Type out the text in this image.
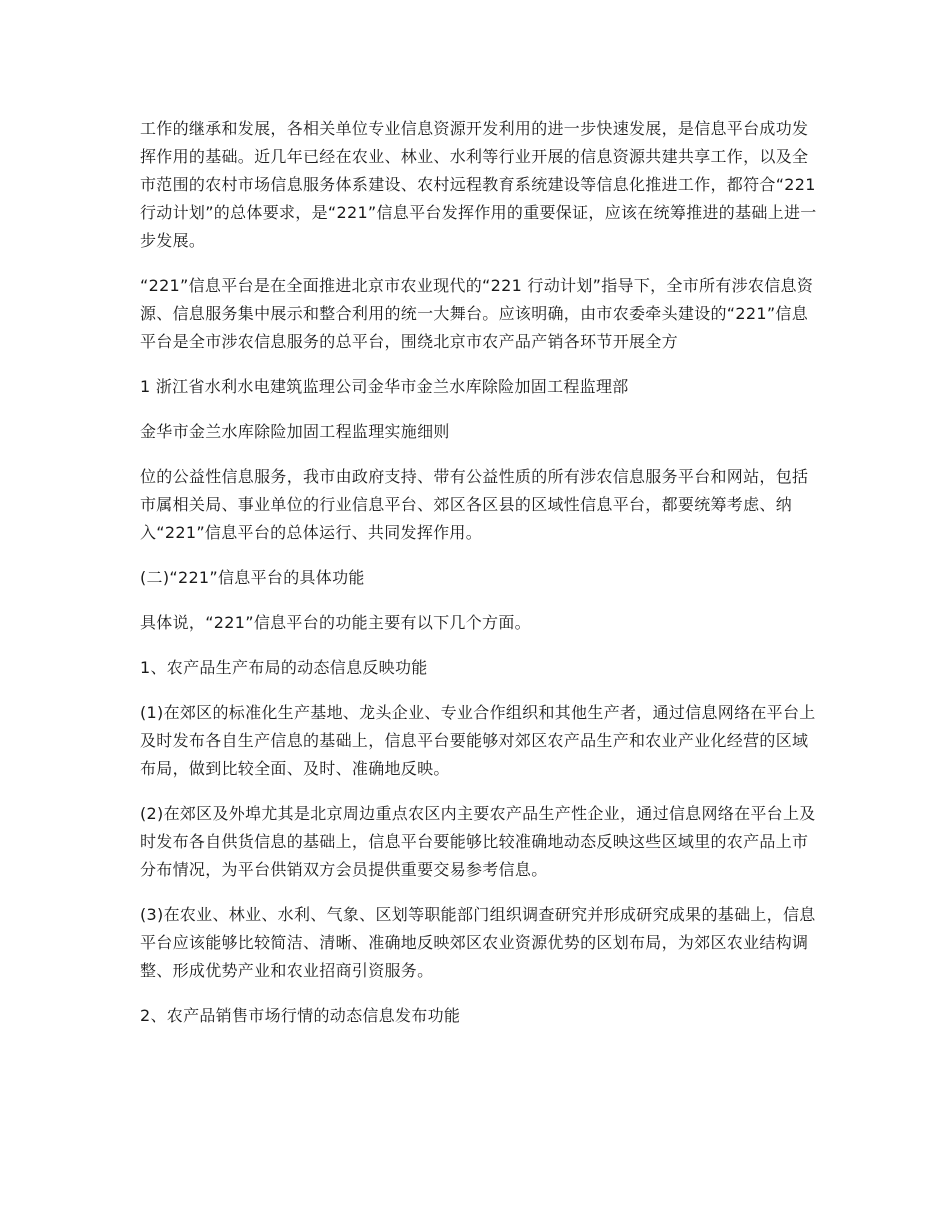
工作的继承和发展，各相关单位专业信息资源开发利用的进一步快速发展，是信息平台成功发挥作用的基础。近几年已经在农业、林业、水利等行业开展的信息资源共建共享工作，以及全市范围的农村市场信息服务体系建设、农村远程教育系统建设等信息化推进工作，都符合“221 行动计划”的总体要求，是“221”信息平台发挥作用的重要保证，应该在统筹推进的基础上进一步发展。

“221”信息平台是在全面推进北京市农业现代的“221 行动计划”指导下，全市所有涉农信息资源、信息服务集中展示和整合利用的统一大舞台。应该明确，由市农委牵头建设的“221”信息平台是全市涉农信息服务的总平台，围绕北京市农产品产销各环节开展全方

1 浙江省水利水电建筑监理公司金华市金兰水库除险加固工程监理部

金华市金兰水库除险加固工程监理实施细则

位的公益性信息服务，我市由政府支持、带有公益性质的所有涉农信息服务平台和网站，包括市属相关局、事业单位的行业信息平台、郊区各区县的区域性信息平台，都要统筹考虑、纳入“221”信息平台的总体运行、共同发挥作用。

(二)“221”信息平台的具体功能

具体说，“221”信息平台的功能主要有以下几个方面。

1、农产品生产布局的动态信息反映功能

(1)在郊区的标准化生产基地、龙头企业、专业合作组织和其他生产者，通过信息网络在平台上及时发布各自生产信息的基础上，信息平台要能够对郊区农产品生产和农业产业化经营的区域布局，做到比较全面、及时、准确地反映。

(2)在郊区及外埠尤其是北京周边重点农区内主要农产品生产性企业，通过信息网络在平台上及时发布各自供货信息的基础上，信息平台要能够比较准确地动态反映这些区域里的农产品上市分布情况，为平台供销双方会员提供重要交易参考信息。

(3)在农业、林业、水利、气象、区划等职能部门组织调查研究并形成研究成果的基础上，信息平台应该能够比较简洁、清晰、准确地反映郊区农业资源优势的区划布局，为郊区农业结构调整、形成优势产业和农业招商引资服务。

2、农产品销售市场行情的动态信息发布功能
